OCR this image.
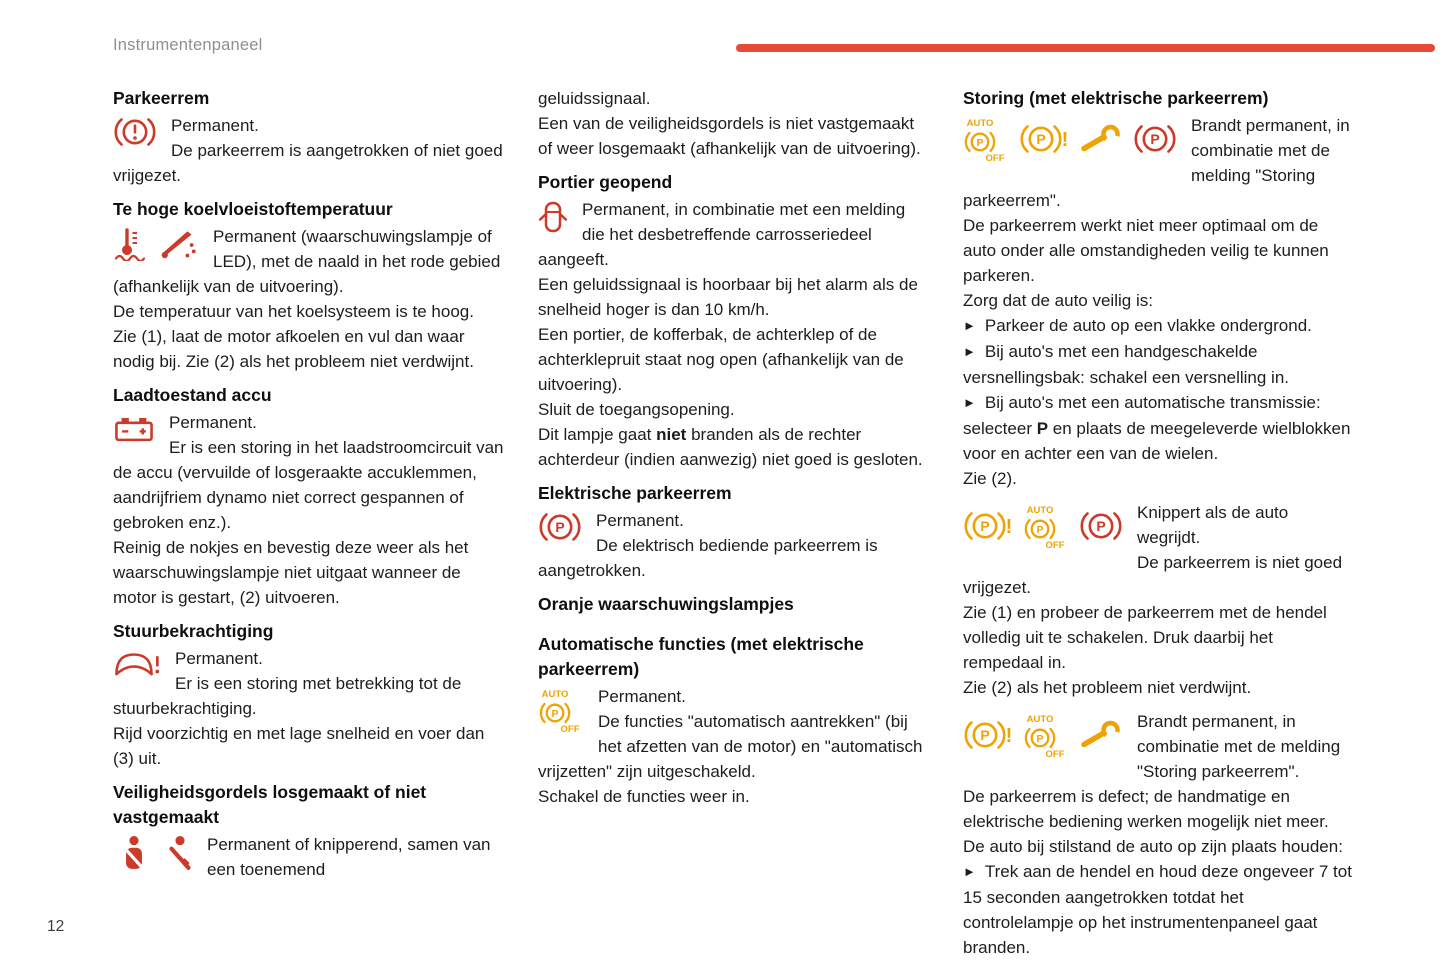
Instrumentenpaneel
Parkeerrem

Permanent.

De parkeerrem is aangetrokken of niet goed vrijgezet.

Te hoge koelvloeistoftemperatuur

Permanent (waarschuwingslampje of LED), met de naald in het rode gebied (afhankelijk van de uitvoering).

De temperatuur van het koelsysteem is te hoog.

Zie (1), laat de motor afkoelen en vul dan waar nodig bij. Zie (2) als het probleem niet verdwijnt.

Laadtoestand accu

Permanent.

Er is een storing in het laadstroomcircuit van de accu (vervuilde of losgeraakte accuklemmen, aandrijfriem dynamo niet correct gespannen of gebroken enz.).

Reinig de nokjes en bevestig deze weer als het waarschuwingslampje niet uitgaat wanneer de motor is gestart, (2) uitvoeren.

Stuurbekrachtiging

Permanent.

Er is een storing met betrekking tot de stuurbekrachtiging.

Rijd voorzichtig en met lage snelheid en voer dan (3) uit.

Veiligheidsgordels losgemaakt of niet vastgemaakt

Permanent of knipperend, samen van een toenemend

geluidssignaal.

Een van de veiligheidsgordels is niet vastgemaakt of weer losgemaakt (afhankelijk van de uitvoering).

Portier geopend

Permanent, in combinatie met een melding die het desbetreffende carrosseriedeel aangeeft.

Een geluidssignaal is hoorbaar bij het alarm als de snelheid hoger is dan 10 km/h.

Een portier, de kofferbak, de achterklep of de achterklepruit staat nog open (afhankelijk van de uitvoering).

Sluit de toegangsopening.

Dit lampje gaat niet branden als de rechter achterdeur (indien aanwezig) niet goed is gesloten.

Elektrische parkeerrem

Permanent.

De elektrisch bediende parkeerrem is aangetrokken.

Oranje waarschuwingslampjes
Automatische functies (met elektrische parkeerrem)

Permanent.

De functies "automatisch aantrekken" (bij het afzetten van de motor) en "automatisch vrijzetten" zijn uitgeschakeld.

Schakel de functies weer in.

Storing (met elektrische parkeerrem)

Brandt permanent, in combinatie met de melding "Storing parkeerrem".

De parkeerrem werkt niet meer optimaal om de auto onder alle omstandigheden veilig te kunnen parkeren.

Zorg dat de auto veilig is:

► Parkeer de auto op een vlakke ondergrond.

► Bij auto's met een handgeschakelde versnellingsbak: schakel een versnelling in.

► Bij auto's met een automatische transmissie: selecteer P en plaats de meegeleverde wielblokken voor en achter een van de wielen.

Zie (2).

Knippert als de auto wegrijdt.

De parkeerrem is niet goed vrijgezet.

Zie (1) en probeer de parkeerrem met de hendel volledig uit te schakelen. Druk daarbij het rempedaal in.

Zie (2) als het probleem niet verdwijnt.

Brandt permanent, in combinatie met de melding "Storing parkeerrem".

De parkeerrem is defect; de handmatige en elektrische bediening werken mogelijk niet meer.

De auto bij stilstand de auto op zijn plaats houden:

► Trek aan de hendel en houd deze ongeveer 7 tot 15 seconden aangetrokken totdat het controlelampje op het instrumentenpaneel gaat branden.

12
